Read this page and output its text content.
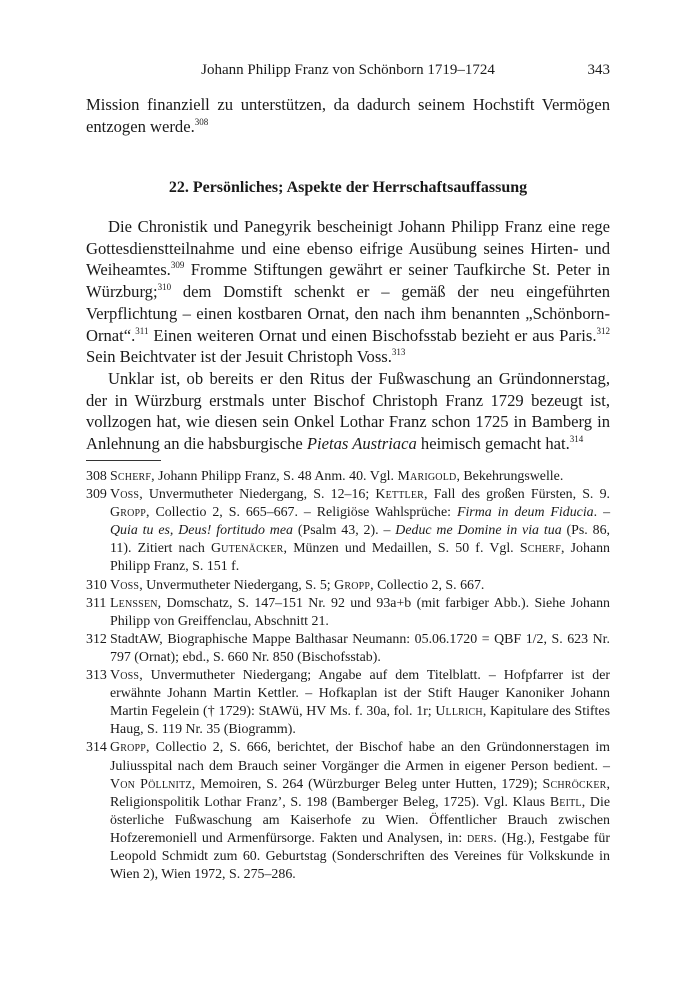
Johann Philipp Franz von Schönborn 1719–1724	343

Mission finanziell zu unterstützen, da dadurch seinem Hochstift Vermögen entzogen werde.$^{308}$

22. Persönliches; Aspekte der Herrschaftsauffassung

Die Chronistik und Panegyrik bescheinigt Johann Philipp Franz eine rege Gottesdienstteilnahme und eine ebenso eifrige Ausübung seines Hirten- und Weiheamtes.$^{309}$ Fromme Stiftungen gewährt er seiner Taufkirche St. Peter in Würzburg;$^{310}$ dem Domstift schenkt er – gemäß der neu eingeführten Verpflichtung – einen kostbaren Ornat, den nach ihm benannten „Schönborn-Ornat“.$^{311}$ Einen weiteren Ornat und einen Bischofsstab bezieht er aus Paris.$^{312}$ Sein Beichtvater ist der Jesuit Christoph Voss.$^{313}$

Unklar ist, ob bereits er den Ritus der Fußwaschung an Gründonnerstag, der in Würzburg erstmals unter Bischof Christoph Franz 1729 bezeugt ist, vollzogen hat, wie diesen sein Onkel Lothar Franz schon 1725 in Bamberg in Anlehnung an die habsburgische Pietas Austriaca heimisch gemacht hat.$^{314}$

308 Scherf, Johann Philipp Franz, S. 48 Anm. 40. Vgl. Marigold, Bekehrungswelle.

309 Voss, Unvermutheter Niedergang, S. 12–16; Kettler, Fall des großen Fürsten, S. 9. Gropp, Collectio 2, S. 665–667. – Religiöse Wahlsprüche: Firma in deum Fiducia. – Quia tu es, Deus! fortitudo mea (Psalm 43, 2). – Deduc me Domine in via tua (Ps. 86, 11). Zitiert nach Gutenäcker, Münzen und Medaillen, S. 50 f. Vgl. Scherf, Johann Philipp Franz, S. 151 f.

310 Voss, Unvermutheter Niedergang, S. 5; Gropp, Collectio 2, S. 667.

311 Lenssen, Domschatz, S. 147–151 Nr. 92 und 93a+b (mit farbiger Abb.). Siehe Johann Philipp von Greiffenclau, Abschnitt 21.

312 StadtAW, Biographische Mappe Balthasar Neumann: 05.06.1720 = QBF 1/2, S. 623 Nr. 797 (Ornat); ebd., S. 660 Nr. 850 (Bischofsstab).

313 Voss, Unvermutheter Niedergang; Angabe auf dem Titelblatt. – Hofpfarrer ist der erwähnte Johann Martin Kettler. – Hofkaplan ist der Stift Hauger Kanoniker Johann Martin Fegelein († 1729): StAWü, HV Ms. f. 30a, fol. 1r; Ullrich, Kapitulare des Stiftes Haug, S. 119 Nr. 35 (Biogramm).

314 Gropp, Collectio 2, S. 666, berichtet, der Bischof habe an den Gründonnerstagen im Juliusspital nach dem Brauch seiner Vorgänger die Armen in eigener Person bedient. – Von Pöllnitz, Memoiren, S. 264 (Würzburger Beleg unter Hutten, 1729); Schröcker, Religionspolitik Lothar Franz’, S. 198 (Bamberger Beleg, 1725). Vgl. Klaus Beitl, Die österliche Fußwaschung am Kaiserhofe zu Wien. Öffentlicher Brauch zwischen Hofzeremoniell und Armenfürsorge. Fakten und Analysen, in: ders. (Hg.), Festgabe für Leopold Schmidt zum 60. Geburtstag (Sonderschriften des Vereines für Volkskunde in Wien 2), Wien 1972, S. 275–286.
